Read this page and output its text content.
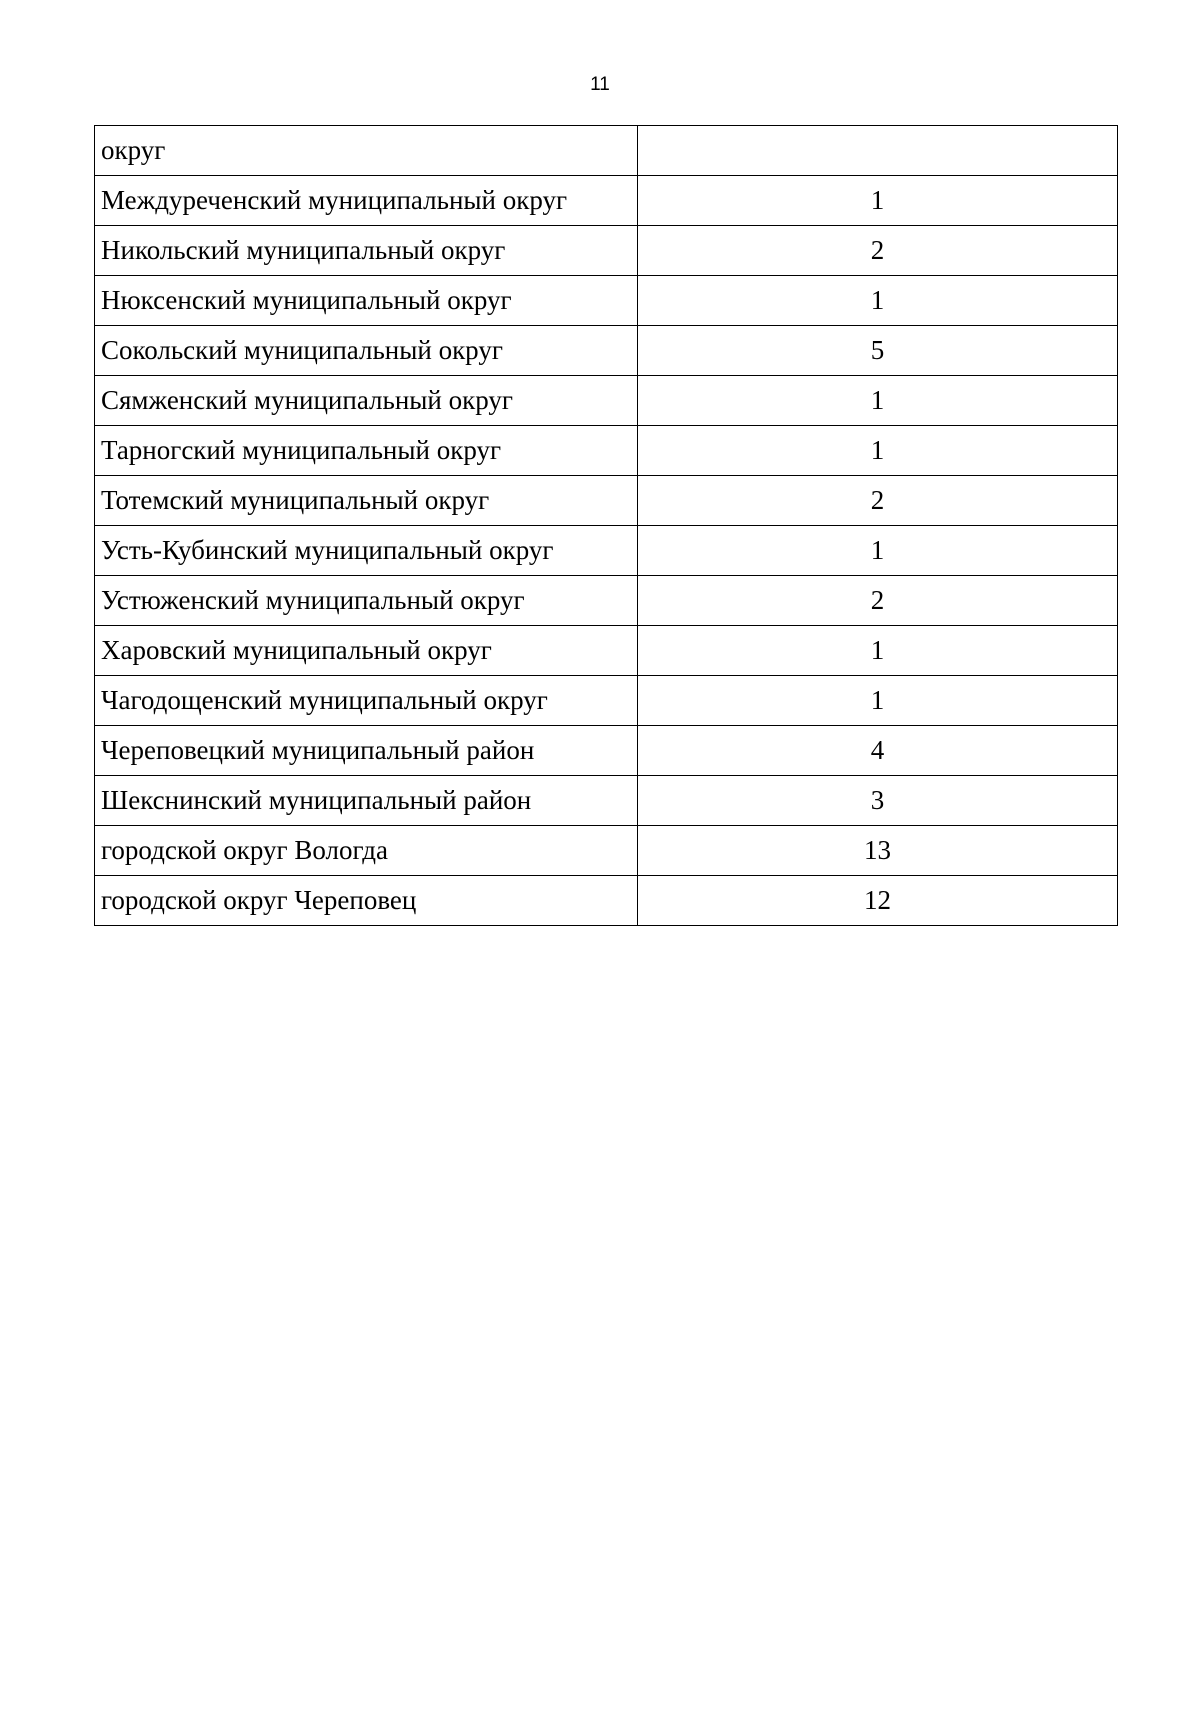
11
округ	
Междуреченский муниципальный округ	1
Никольский муниципальный округ	2
Нюксенский муниципальный округ	1
Сокольский муниципальный округ	5
Сямженский муниципальный округ	1
Тарногский муниципальный округ	1
Тотемский муниципальный округ	2
Усть-Кубинский муниципальный округ	1
Устюженский муниципальный округ	2
Харовский муниципальный округ	1
Чагодощенский муниципальный округ	1
Череповецкий муниципальный район	4
Шекснинский муниципальный район	3
городской округ Вологда	13
городской округ Череповец	12
